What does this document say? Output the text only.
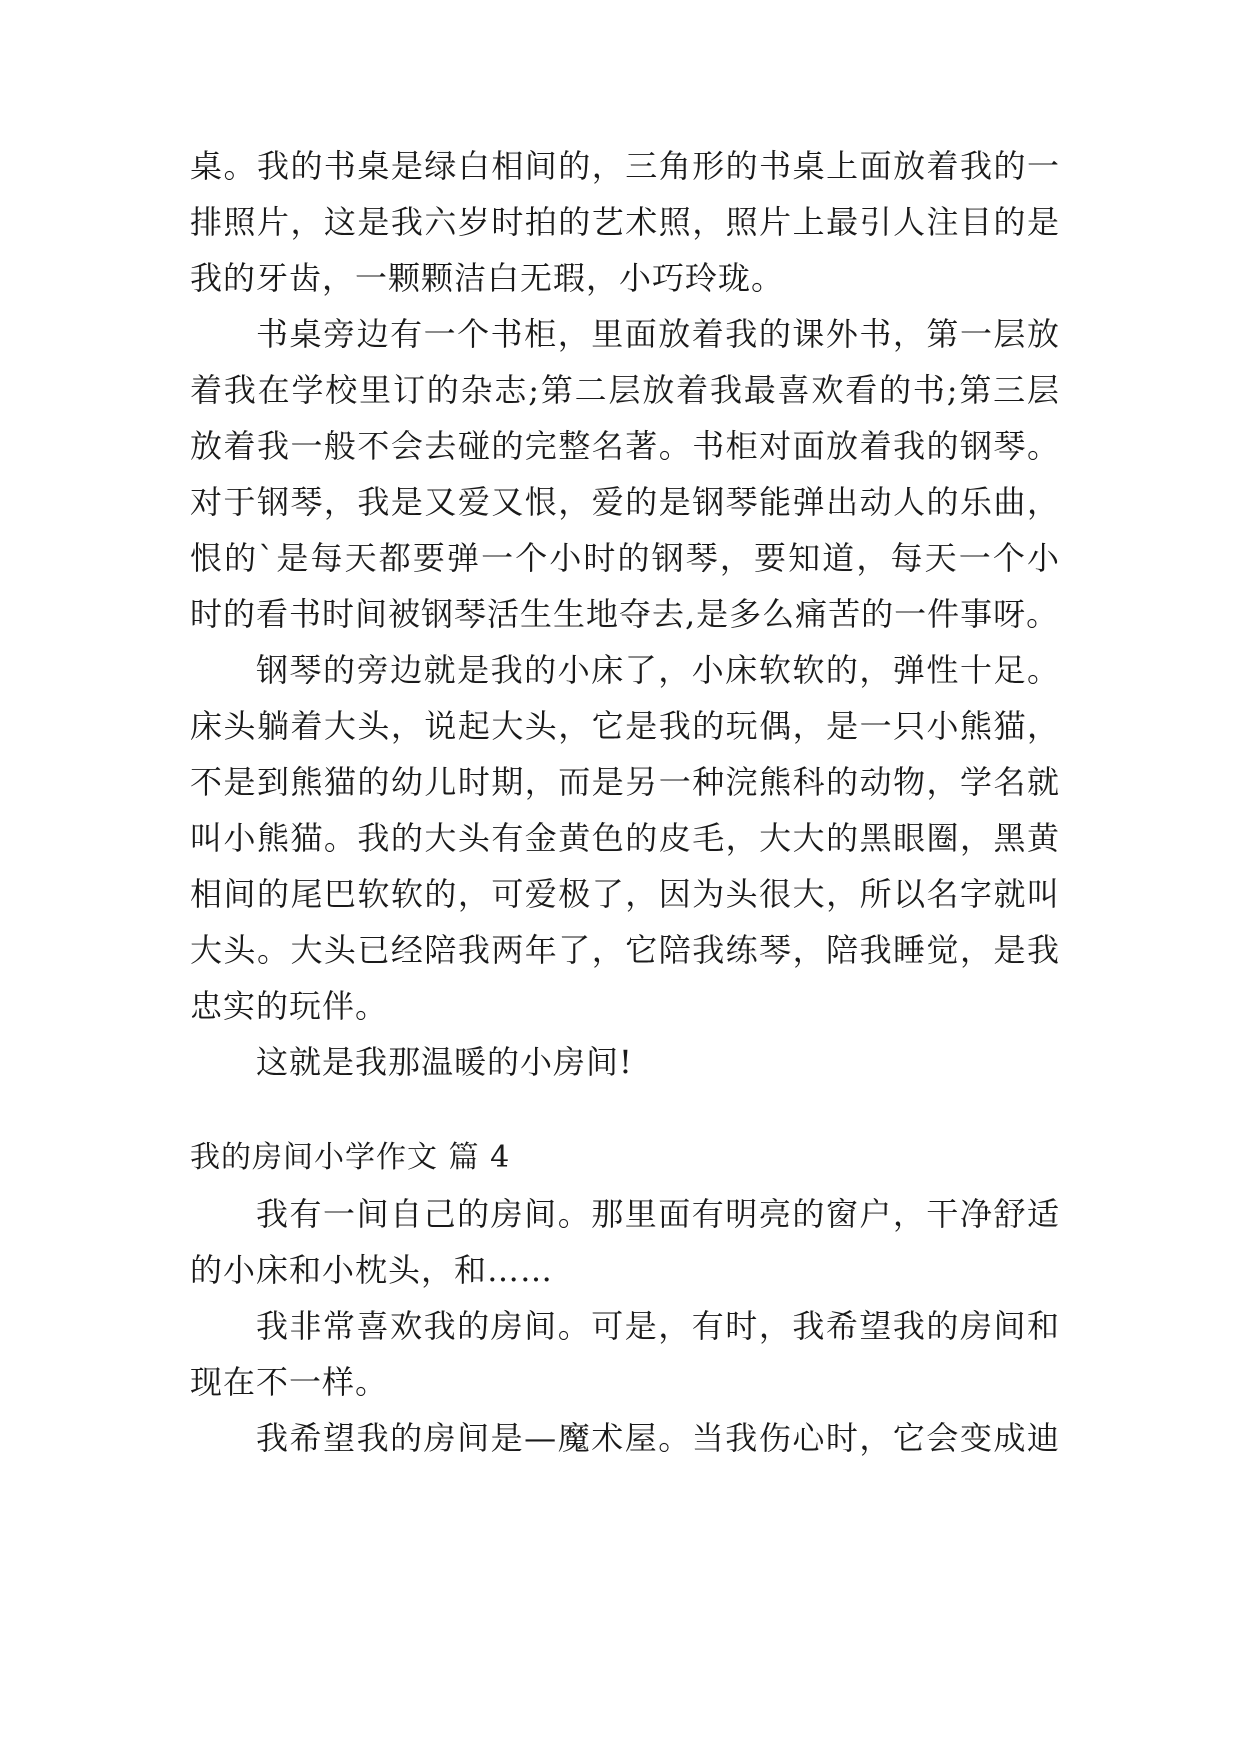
桌。我的书桌是绿白相间的，三角形的书桌上面放着我的一
排照片，这是我六岁时拍的艺术照，照片上最引人注目的是
我的牙齿，一颗颗洁白无瑕，小巧玲珑。
书桌旁边有一个书柜，里面放着我的课外书，第一层放
着我在学校里订的杂志;第二层放着我最喜欢看的书;第三层
放着我一般不会去碰的完整名著。书柜对面放着我的钢琴。
对于钢琴，我是又爱又恨，爱的是钢琴能弹出动人的乐曲，
恨的`是每天都要弹一个小时的钢琴，要知道，每天一个小
时的看书时间被钢琴活生生地夺去,是多么痛苦的一件事呀。
钢琴的旁边就是我的小床了，小床软软的，弹性十足。
床头躺着大头，说起大头，它是我的玩偶，是一只小熊猫，
不是到熊猫的幼儿时期，而是另一种浣熊科的动物，学名就
叫小熊猫。我的大头有金黄色的皮毛，大大的黑眼圈，黑黄
相间的尾巴软软的，可爱极了，因为头很大，所以名字就叫
大头。大头已经陪我两年了，它陪我练琴，陪我睡觉，是我
忠实的玩伴。
这就是我那温暖的小房间!
我的房间小学作文 篇 4
我有一间自己的房间。那里面有明亮的窗户，干净舒适
的小床和小枕头，和……
我非常喜欢我的房间。可是，有时，我希望我的房间和
现在不一样。
我希望我的房间是—魔术屋。当我伤心时，它会变成迪
